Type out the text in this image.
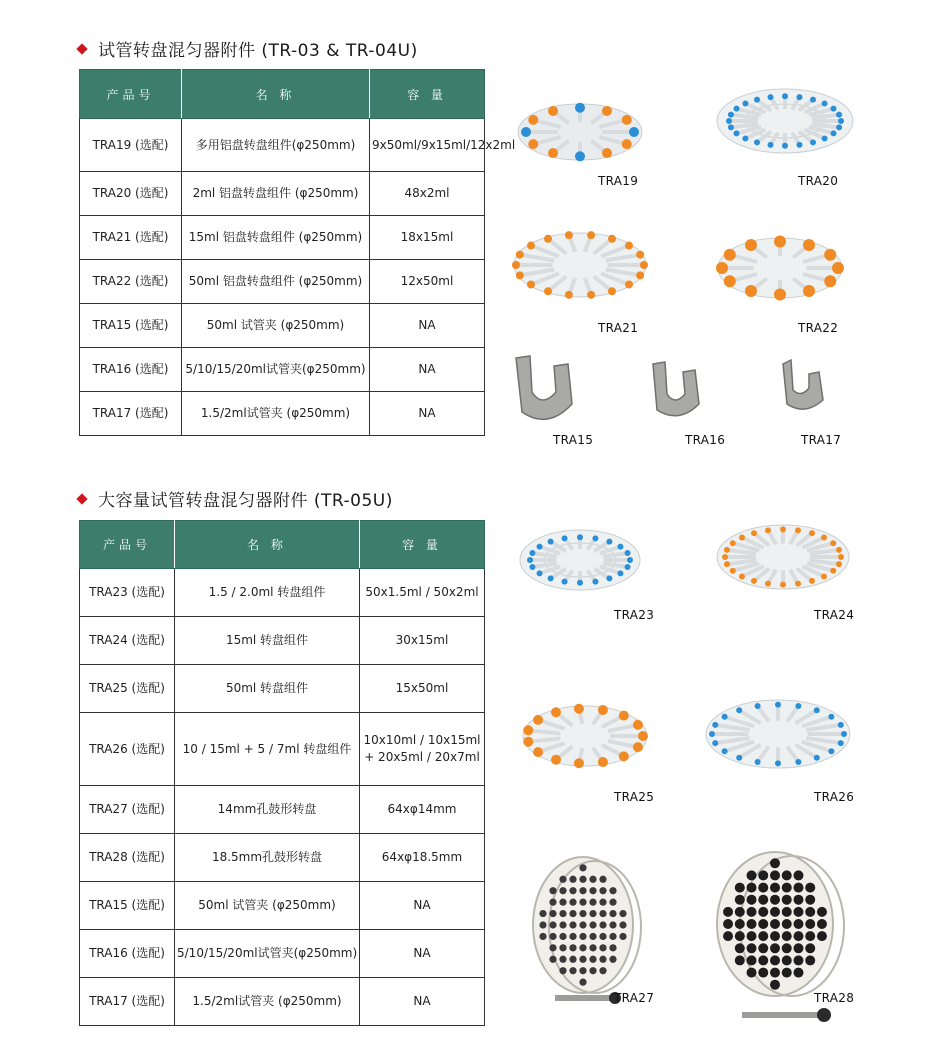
试管转盘混匀器附件 (TR-03 & TR-04U)
产品号	名 称	容 量
TRA19 (选配)	多用铝盘转盘组件(φ250mm)	9x50ml/9x15ml/12x2ml
TRA20 (选配)	2ml 铝盘转盘组件 (φ250mm)	48x2ml
TRA21 (选配)	15ml 铝盘转盘组件 (φ250mm)	18x15ml
TRA22 (选配)	50ml 铝盘转盘组件 (φ250mm)	12x50ml
TRA15 (选配)	50ml 试管夹 (φ250mm)	NA
TRA16 (选配)	5/10/15/20ml试管夹(φ250mm)	NA
TRA17 (选配)	1.5/2ml试管夹 (φ250mm)	NA
TRA19	TRA20
TRA21	TRA22
TRA15	TRA16	TRA17
大容量试管转盘混匀器附件 (TR-05U)
产品号	名 称	容 量
TRA23 (选配)	1.5 / 2.0ml 转盘组件	50x1.5ml / 50x2ml
TRA24 (选配)	15ml 转盘组件	30x15ml
TRA25 (选配)	50ml 转盘组件	15x50ml
TRA26 (选配)	10 / 15ml + 5 / 7ml 转盘组件	10x10ml / 10x15ml + 20x5ml / 20x7ml
TRA27 (选配)	14mm孔鼓形转盘	64xφ14mm
TRA28 (选配)	18.5mm孔鼓形转盘	64xφ18.5mm
TRA15 (选配)	50ml 试管夹 (φ250mm)	NA
TRA16 (选配)	5/10/15/20ml试管夹(φ250mm)	NA
TRA17 (选配)	1.5/2ml试管夹 (φ250mm)	NA
TRA23	TRA24
TRA25	TRA26
TRA27	TRA28
